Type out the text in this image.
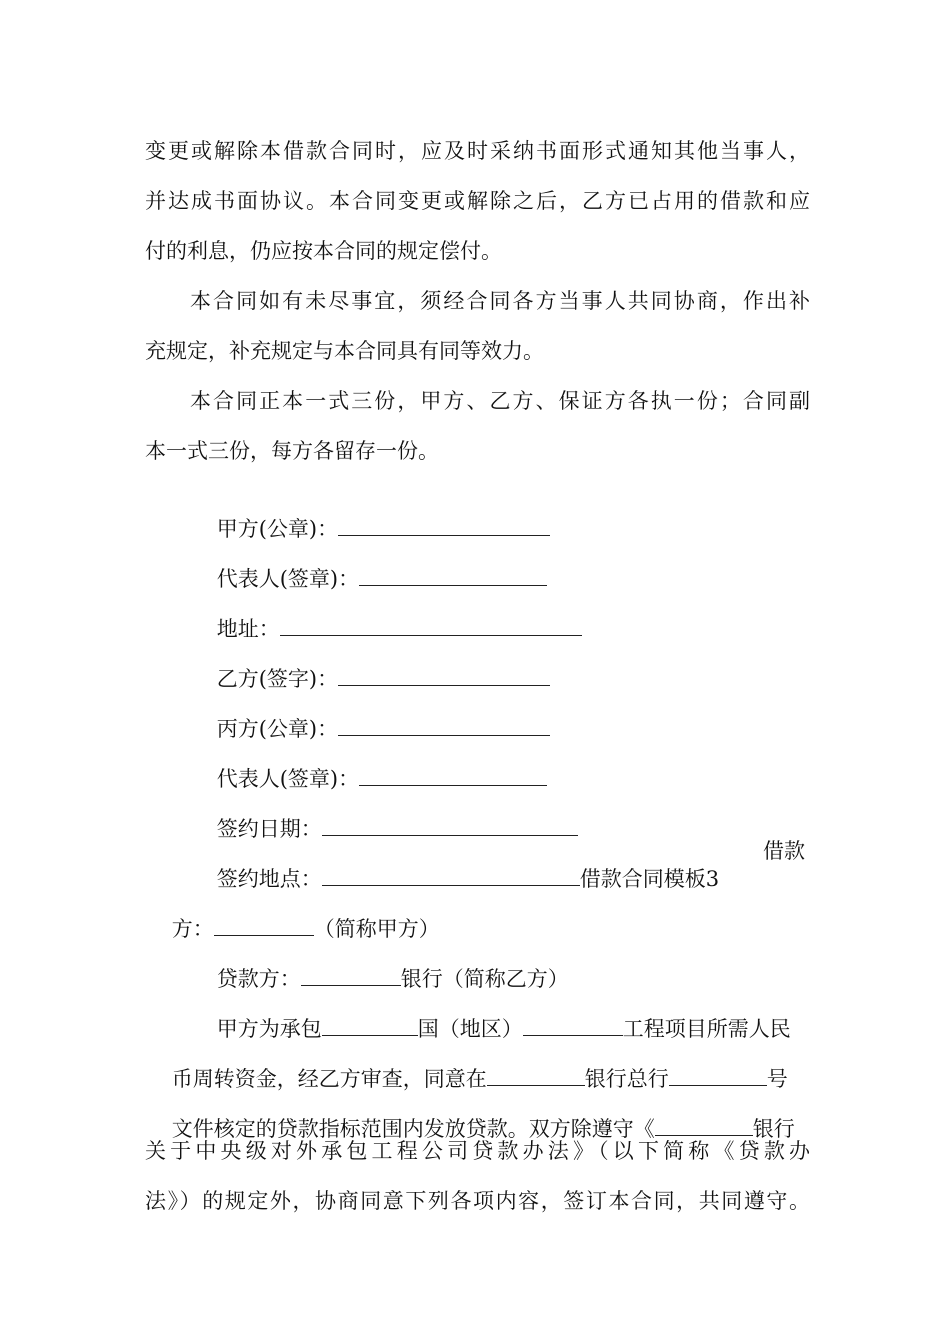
变更或解除本借款合同时，应及时采纳书面形式通知其他当事人，
并达成书面协议。本合同变更或解除之后，乙方已占用的借款和应
付的利息，仍应按本合同的规定偿付。
本合同如有未尽事宜，须经合同各方当事人共同协商，作出补
充规定，补充规定与本合同具有同等效力。
本合同正本一式三份，甲方、乙方、保证方各执一份；合同副
本一式三份，每方各留存一份。

甲方(公章)：

代表人(签章)：

地址：

乙方(签字)：

丙方(公章)：

代表人(签章)：

签约日期：

签约地点：	借款合同模板3

借款

方：	（简称甲方）

贷款方：	银行（简称乙方）

甲方为承包	国（地区）	工程项目所需人民

币周转资金，经乙方审查，同意在	银行总行	号

文件核定的贷款指标范围内发放贷款。双方除遵守《	银行

关于中央级对外承包工程公司贷款办法》（以下简称《贷款办
法》）的规定外，协商同意下列各项内容，签订本合同，共同遵守。
